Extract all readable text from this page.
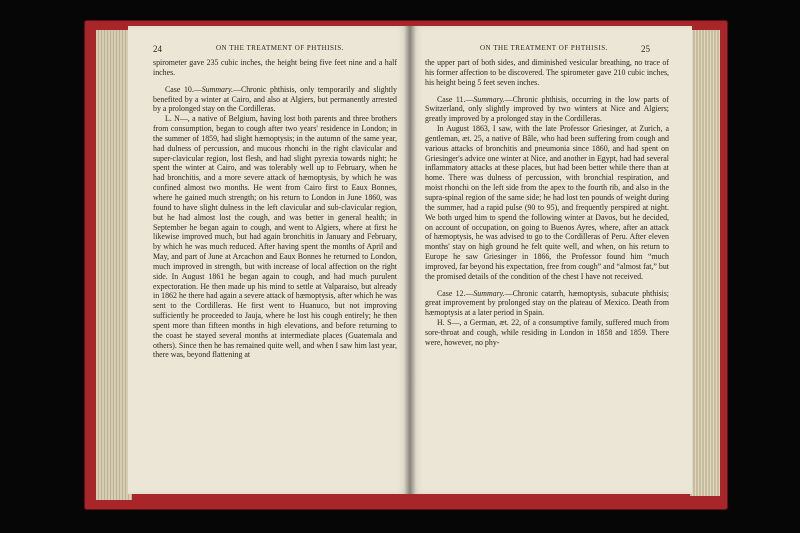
24	ON THE TREATMENT OF PHTHISIS.	ON THE TREATMENT OF PHTHISIS.	25

spirometer gave 235 cubic inches, the height being five feet nine and a half inches.

Case 10.—Summary.—Chronic phthisis, only temporarily and slightly benefited by a winter at Cairo, and also at Algiers, but permanently arrested by a prolonged stay on the Cordilleras.

L. N—, a native of Belgium, having lost both parents and three brothers from consumption, began to cough after two years' residence in London; in the summer of 1859, had slight hæmoptysis; in the autumn of the same year, had dulness of percussion, and mucous rhonchi in the right clavicular and super-clavicular region, lost flesh, and had slight pyrexia towards night; he spent the winter at Cairo, and was tolerably well up to February, when he had bronchitis, and a more severe attack of hæmoptysis, by which he was confined almost two months. He went from Cairo first to Eaux Bonnes, where he gained much strength; on his return to London in June 1860, was found to have slight dulness in the left clavicular and sub-clavicular region, but he had almost lost the cough, and was better in general health; in September he began again to cough, and went to Algiers, where at first he likewise improved much, but had again bronchitis in January and February, by which he was much reduced. After having spent the months of April and May, and part of June at Arcachon and Eaux Bonnes he returned to London, much improved in strength, but with increase of local affection on the right side. In August 1861 he began again to cough, and had much purulent expectoration. He then made up his mind to settle at Valparaiso, but already in 1862 he there had again a severe attack of hæmoptysis, after which he was sent to the Cordilleras. He first went to Huanuco, but not improving sufficiently he proceeded to Jauja, where he lost his cough entirely; he then spent more than fifteen months in high elevations, and before returning to the coast he stayed several months at intermediate places (Guatemala and others). Since then he has remained quite well, and when I saw him last year, there was, beyond flattening at

the upper part of both sides, and diminished vesicular breathing, no trace of his former affection to be discovered. The spirometer gave 210 cubic inches, his height being 5 feet seven inches.

Case 11.—Summary.—Chronic phthisis, occurring in the low parts of Switzerland, only slightly improved by two winters at Nice and Algiers; greatly improved by a prolonged stay in the Cordilleras.

In August 1863, I saw, with the late Professor Griesinger, at Zurich, a gentleman, æt. 25, a native of Bâle, who had been suffering from cough and various attacks of bronchitis and pneumonia since 1860, and had spent on Griesinger's advice one winter at Nice, and another in Egypt, had had several inflammatory attacks at these places, but had been better while there than at home. There was dulness of percussion, with bronchial respiration, and moist rhonchi on the left side from the apex to the fourth rib, and also in the supra-spinal region of the same side; he had lost ten pounds of weight during the summer, had a rapid pulse (90 to 95), and frequently perspired at night. We both urged him to spend the following winter at Davos, but he decided, on account of occupation, on going to Buenos Ayres, where, after an attack of hæmoptysis, he was advised to go to the Cordilleras of Peru. After eleven months' stay on high ground he felt quite well, and when, on his return to Europe he saw Griesinger in 1866, the Professor found him “much improved, far beyond his expectation, free from cough” and “almost fat,” but the promised details of the condition of the chest I have not received.

Case 12.—Summary.—Chronic catarrh, hæmoptysis, subacute phthisis; great improvement by prolonged stay on the plateau of Mexico. Death from hæmoptysis at a later period in Spain.

H. S—, a German, æt. 22, of a consumptive family, suffered much from sore-throat and cough, while residing in London in 1858 and 1859. There were, however, no phy-
